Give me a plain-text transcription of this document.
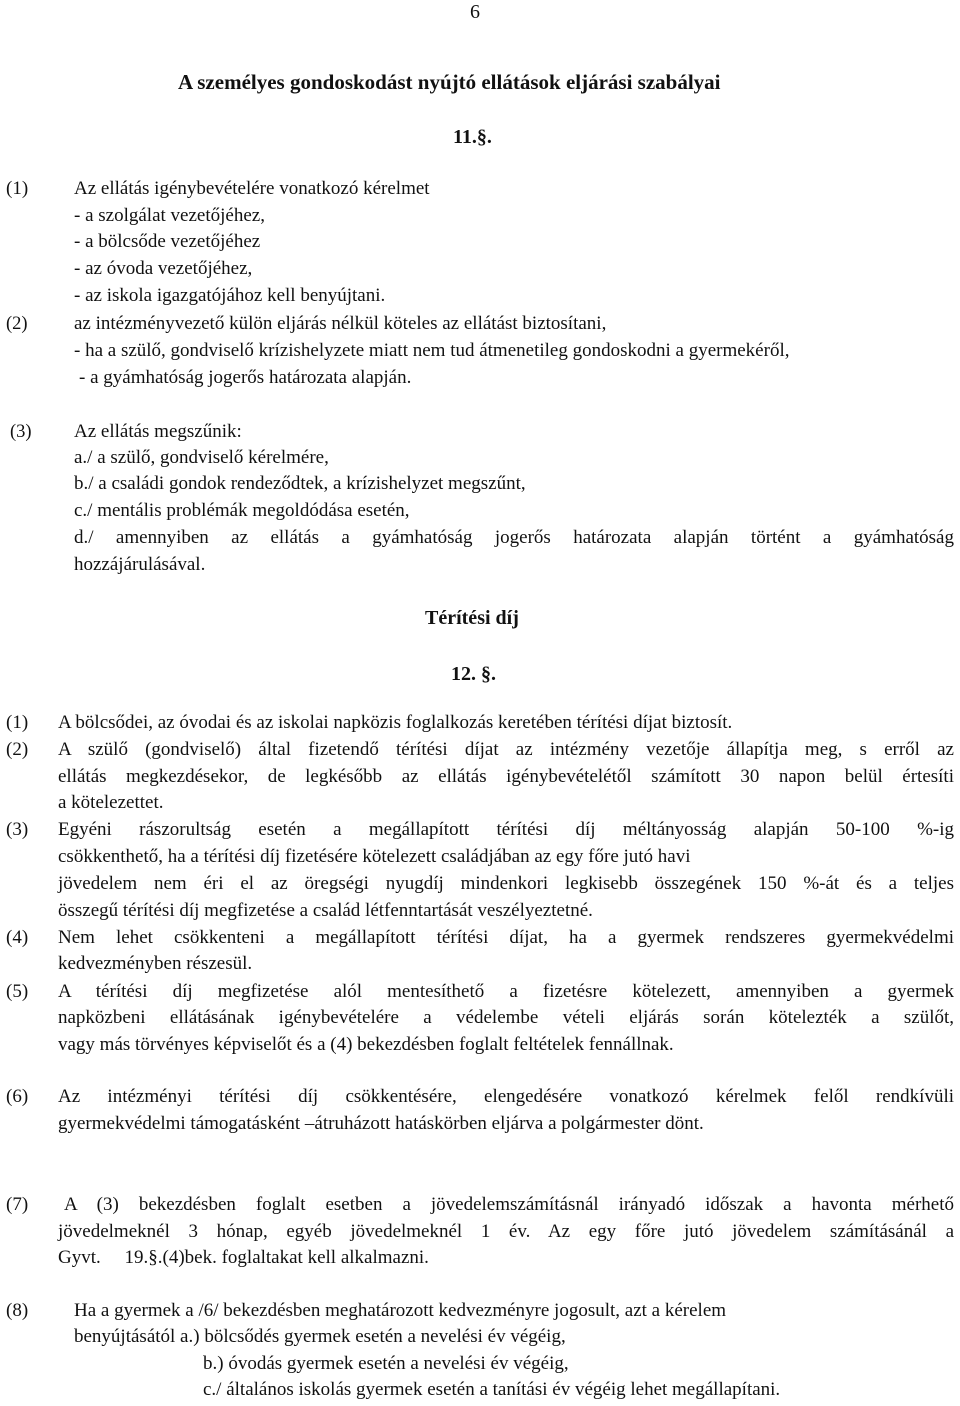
6
A személyes gondoskodást nyújtó ellátások eljárási szabályai
11.§.
(1) Az ellátás igénybevételére vonatkozó kérelmet
- a szolgálat vezetőjéhez,
- a bölcsőde vezetőjéhez
- az óvoda vezetőjéhez,
- az iskola igazgatójához kell benyújtani.
(2) az intézményvezető külön eljárás nélkül köteles az ellátást biztosítani,
- ha a szülő, gondviselő krízishelyzete miatt nem tud átmenetileg gondoskodni a gyermekéről,
- a gyámhatóság jogerős határozata alapján.
(3) Az ellátás megszűnik:
a./ a szülő, gondviselő kérelmére,
b./ a családi gondok rendeződtek, a krízishelyzet megszűnt,
c./ mentális problémák megoldódása esetén,
d./ amennyiben az ellátás a gyámhatóság jogerős határozata alapján történt a gyámhatóság
hozzájárulásával.
Térítési díj
12. §.
(1) A bölcsődei, az óvodai és az iskolai napközis foglalkozás keretében térítési díjat biztosít.
(2) A szülő (gondviselő) által fizetendő térítési díjat az intézmény vezetője állapítja meg, s erről az
ellátás megkezdésekor, de legkésőbb az ellátás igénybevételétől számított 30 napon belül értesíti
a kötelezettet.
(3) Egyéni rászorultság esetén a megállapított térítési díj méltányosság alapján 50-100 %-ig
csökkenthető, ha a térítési díj fizetésére kötelezett családjában az egy főre jutó havi
jövedelem nem éri el az öregségi nyugdíj mindenkori legkisebb összegének 150 %-át és a teljes
összegű térítési díj megfizetése a család létfenntartását veszélyeztetné.
(4) Nem lehet csökkenteni a megállapított térítési díjat, ha a gyermek rendszeres gyermekvédelmi
kedvezményben részesül.
(5) A térítési díj megfizetése alól mentesíthető a fizetésre kötelezett, amennyiben a gyermek
napközbeni ellátásának igénybevételére a védelembe vételi eljárás során kötelezték a szülőt,
vagy más törvényes képviselőt és a (4) bekezdésben foglalt feltételek fennállnak.
(6) Az intézményi térítési díj csökkentésére, elengedésére vonatkozó kérelmek felől rendkívüli
gyermekvédelmi támogatásként –átruházott hatáskörben eljárva a polgármester dönt.
(7) A (3) bekezdésben foglalt esetben a jövedelemszámításnál irányadó időszak a havonta mérhető
jövedelmeknél 3 hónap, egyéb jövedelmeknél 1 év. Az egy főre jutó jövedelem számításánál a
Gyvt.     19.§.(4)bek. foglaltakat kell alkalmazni.
(8) Ha a gyermek a /6/ bekezdésben meghatározott kedvezményre jogosult, azt a kérelem
benyújtásától a.) bölcsődés gyermek esetén a nevelési év végéig,
b.) óvodás gyermek esetén a nevelési év végéig,
c./ általános iskolás gyermek esetén a tanítási év végéig lehet megállapítani.
